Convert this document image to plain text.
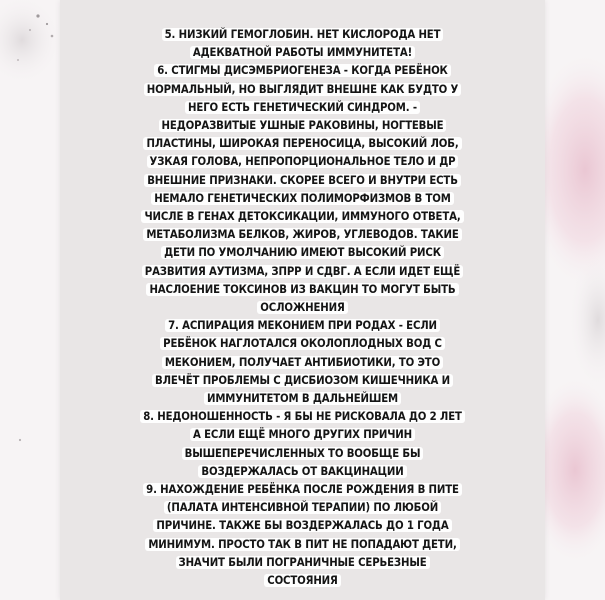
5. НИЗКИЙ ГЕМОГЛОБИН. НЕТ КИСЛОРОДА НЕТ
АДЕКВАТНОЙ РАБОТЫ ИММУНИТЕТА!
6. СТИГМЫ ДИСЭМБРИОГЕНЕЗА - КОГДА РЕБЁНОК
НОРМАЛЬНЫЙ, НО ВЫГЛЯДИТ ВНЕШНЕ КАК БУДТО У
НЕГО ЕСТЬ ГЕНЕТИЧЕСКИЙ СИНДРОМ. -
НЕДОРАЗВИТЫЕ УШНЫЕ РАКОВИНЫ, НОГТЕВЫЕ
ПЛАСТИНЫ, ШИРОКАЯ ПЕРЕНОСИЦА, ВЫСОКИЙ ЛОБ,
УЗКАЯ ГОЛОВА, НЕПРОПОРЦИОНАЛЬНОЕ ТЕЛО И ДР
ВНЕШНИЕ ПРИЗНАКИ. СКОРЕЕ ВСЕГО И ВНУТРИ ЕСТЬ
НЕМАЛО ГЕНЕТИЧЕСКИХ ПОЛИМОРФИЗМОВ В ТОМ
ЧИСЛЕ В ГЕНАХ ДЕТОКСИКАЦИИ, ИММУНОГО ОТВЕТА,
МЕТАБОЛИЗМА БЕЛКОВ, ЖИРОВ, УГЛЕВОДОВ. ТАКИЕ
ДЕТИ ПО УМОЛЧАНИЮ ИМЕЮТ ВЫСОКИЙ РИСК
РАЗВИТИЯ АУТИЗМА, ЗПРР И СДВГ. А ЕСЛИ ИДЕТ ЕЩЁ
НАСЛОЕНИЕ ТОКСИНОВ ИЗ ВАКЦИН ТО МОГУТ БЫТЬ
ОСЛОЖНЕНИЯ
7. АСПИРАЦИЯ МЕКОНИЕМ ПРИ РОДАХ - ЕСЛИ
РЕБЁНОК НАГЛОТАЛСЯ ОКОЛОПЛОДНЫХ ВОД С
МЕКОНИЕМ, ПОЛУЧАЕТ АНТИБИОТИКИ, ТО ЭТО
ВЛЕЧЁТ ПРОБЛЕМЫ С ДИСБИОЗОМ КИШЕЧНИКА И
ИММУНИТЕТОМ В ДАЛЬНЕЙШЕМ
8. НЕДОНОШЕННОСТЬ - Я БЫ НЕ РИСКОВАЛА ДО 2 ЛЕТ
А ЕСЛИ ЕЩЁ МНОГО ДРУГИХ ПРИЧИН
ВЫШЕПЕРЕЧИСЛЕННЫХ ТО ВООБЩЕ БЫ
ВОЗДЕРЖАЛАСЬ ОТ ВАКЦИНАЦИИ
9. НАХОЖДЕНИЕ РЕБЁНКА ПОСЛЕ РОЖДЕНИЯ В ПИТЕ
(ПАЛАТА ИНТЕНСИВНОЙ ТЕРАПИИ) ПО ЛЮБОЙ
ПРИЧИНЕ. ТАКЖЕ БЫ ВОЗДЕРЖАЛАСЬ ДО 1 ГОДА
МИНИМУМ. ПРОСТО ТАК В ПИТ НЕ ПОПАДАЮТ ДЕТИ,
ЗНАЧИТ БЫЛИ ПОГРАНИЧНЫЕ СЕРЬЕЗНЫЕ
СОСТОЯНИЯ
